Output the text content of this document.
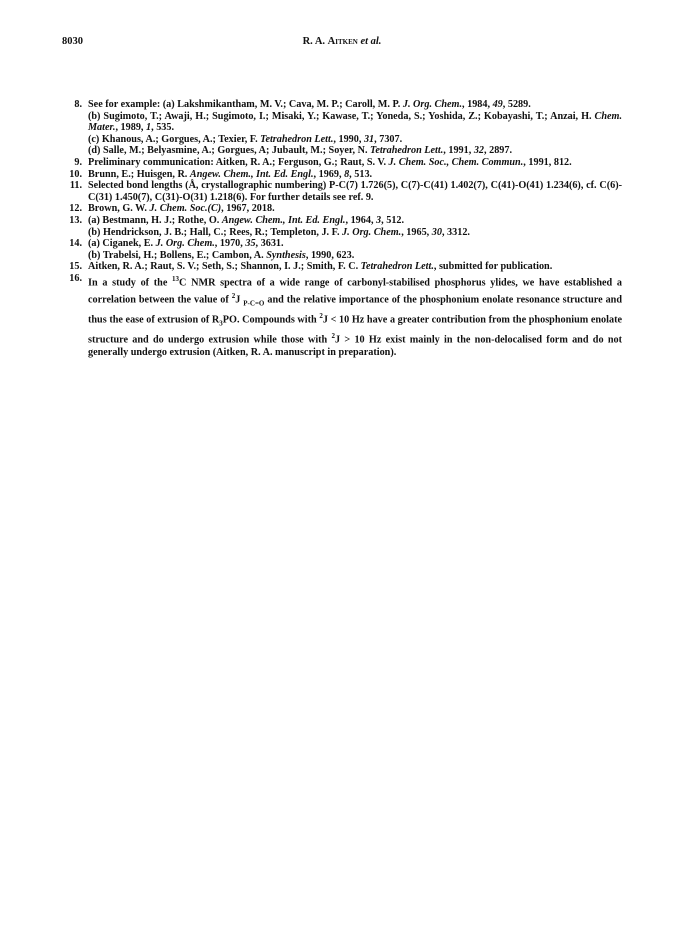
8030	R. A. Aitken et al.
8. See for example: (a) Lakshmikantham, M. V.; Cava, M. P.; Caroll, M. P. J. Org. Chem., 1984, 49, 5289.
(b) Sugimoto, T.; Awaji, H.; Sugimoto, I.; Misaki, Y.; Kawase, T.; Yoneda, S.; Yoshida, Z.; Kobayashi, T.; Anzai, H. Chem. Mater., 1989, 1, 535.
(c) Khanous, A.; Gorgues, A.; Texier, F. Tetrahedron Lett., 1990, 31, 7307.
(d) Salle, M.; Belyasmine, A.; Gorgues, A; Jubault, M.; Soyer, N. Tetrahedron Lett., 1991, 32, 2897.
9. Preliminary communication: Aitken, R. A.; Ferguson, G.; Raut, S. V. J. Chem. Soc., Chem. Commun., 1991, 812.
10. Brunn, E.; Huisgen, R. Angew. Chem., Int. Ed. Engl., 1969, 8, 513.
11. Selected bond lengths (Å, crystallographic numbering) P-C(7) 1.726(5), C(7)-C(41) 1.402(7), C(41)-O(41) 1.234(6), cf. C(6)-C(31) 1.450(7), C(31)-O(31) 1.218(6). For further details see ref. 9.
12. Brown, G. W. J. Chem. Soc.(C), 1967, 2018.
13. (a) Bestmann, H. J.; Rothe, O. Angew. Chem., Int. Ed. Engl., 1964, 3, 512.
(b) Hendrickson, J. B.; Hall, C.; Rees, R.; Templeton, J. F. J. Org. Chem., 1965, 30, 3312.
14. (a) Ciganek, E. J. Org. Chem., 1970, 35, 3631.
(b) Trabelsi, H.; Bollens, E.; Cambon, A. Synthesis, 1990, 623.
15. Aitken, R. A.; Raut, S. V.; Seth, S.; Shannon, I. J.; Smith, F. C. Tetrahedron Lett., submitted for publication.
16. In a study of the $^{13}$C NMR spectra of a wide range of carbonyl-stabilised phosphorus ylides, we have established a correlation between the value of $^2$J $_{P-C=O}$ and the relative importance of the phosphonium enolate resonance structure and thus the ease of extrusion of $R_3PO$. Compounds with $^2$J < 10 Hz have a greater contribution from the phosphonium enolate structure and do undergo extrusion while those with $^2$J > 10 Hz exist mainly in the non-delocalised form and do not generally undergo extrusion (Aitken, R. A. manuscript in preparation).
